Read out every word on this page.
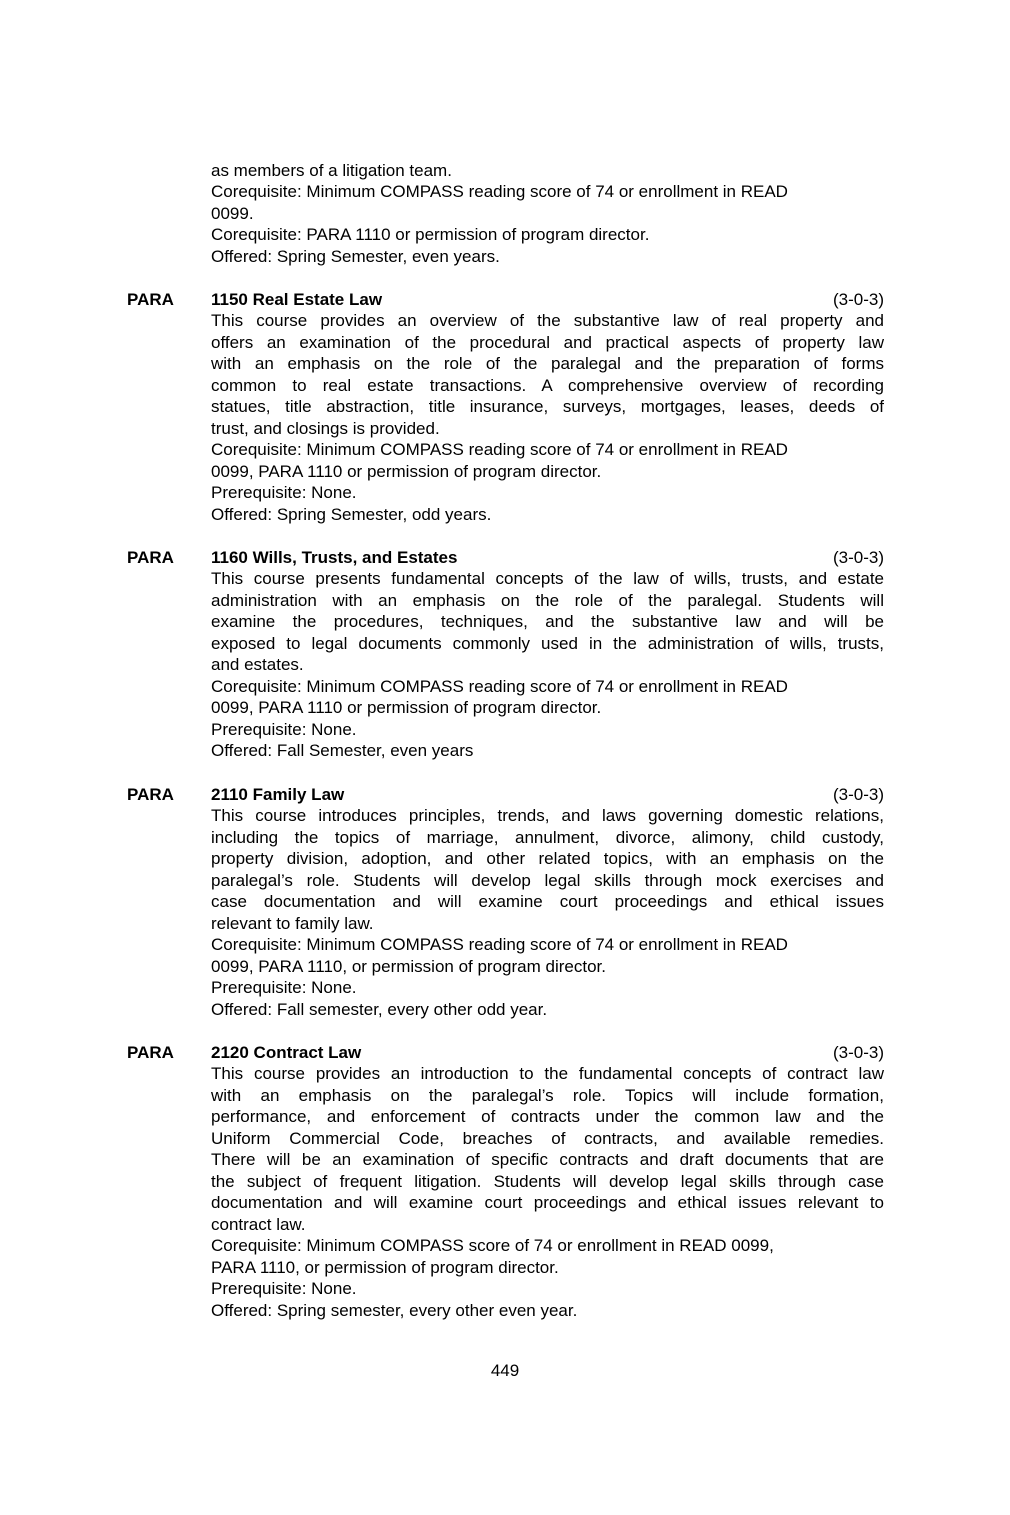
as members of a litigation team.
Corequisite: Minimum COMPASS reading score of 74 or enrollment in READ
0099.
Corequisite: PARA 1110 or permission of program director.
Offered: Spring Semester, even years.
PARA 1150 Real Estate Law	(3-0-3)
This course provides an overview of the substantive law of real property and
offers an examination of the procedural and practical aspects of property law
with an emphasis on the role of the paralegal and the preparation of forms
common to real estate transactions. A comprehensive overview of recording
statues, title abstraction, title insurance, surveys, mortgages, leases, deeds of
trust, and closings is provided.
Corequisite: Minimum COMPASS reading score of 74 or enrollment in READ
0099, PARA 1110 or permission of program director.
Prerequisite: None.
Offered: Spring Semester, odd years.
PARA 1160 Wills, Trusts, and Estates	(3-0-3)
This course presents fundamental concepts of the law of wills, trusts, and estate
administration with an emphasis on the role of the paralegal. Students will
examine the procedures, techniques, and the substantive law and will be
exposed to legal documents commonly used in the administration of wills, trusts,
and estates.
Corequisite: Minimum COMPASS reading score of 74 or enrollment in READ
0099, PARA 1110 or permission of program director.
Prerequisite: None.
Offered: Fall Semester, even years
PARA 2110 Family Law	(3-0-3)
This course introduces principles, trends, and laws governing domestic relations,
including the topics of marriage, annulment, divorce, alimony, child custody,
property division, adoption, and other related topics, with an emphasis on the
paralegal’s role. Students will develop legal skills through mock exercises and
case documentation and will examine court proceedings and ethical issues
relevant to family law.
Corequisite: Minimum COMPASS reading score of 74 or enrollment in READ
0099, PARA 1110, or permission of program director.
Prerequisite: None.
Offered: Fall semester, every other odd year.
PARA 2120 Contract Law	(3-0-3)
This course provides an introduction to the fundamental concepts of contract law
with an emphasis on the paralegal’s role. Topics will include formation,
performance, and enforcement of contracts under the common law and the
Uniform Commercial Code, breaches of contracts, and available remedies.
There will be an examination of specific contracts and draft documents that are
the subject of frequent litigation. Students will develop legal skills through case
documentation and will examine court proceedings and ethical issues relevant to
contract law.
Corequisite: Minimum COMPASS score of 74 or enrollment in READ 0099,
PARA 1110, or permission of program director.
Prerequisite: None.
Offered: Spring semester, every other even year.
449
